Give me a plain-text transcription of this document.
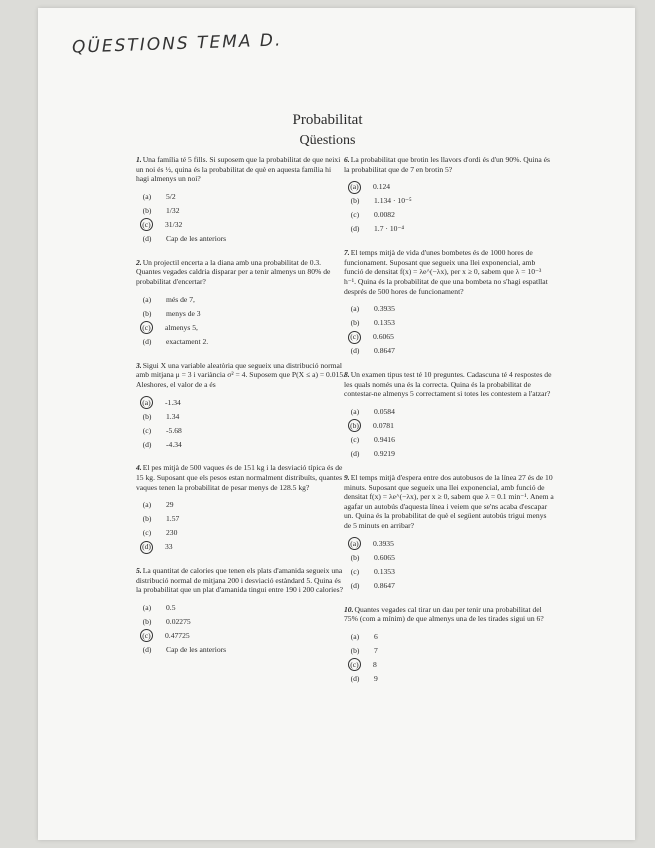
QÜESTIONS TEMA D.
Probabilitat
Qüestions
1.Una família té 5 fills. Si suposem que la probabilitat de que neixi un noi és ½, quina és la probabilitat de què en aquesta família hi hagi almenys un noi?
(a)	5/2
(b)	1/32
(c)	31/32
(d)	Cap de les anteriors
2.Un projectil encerta a la diana amb una probabilitat de 0.3. Quantes vegades caldria disparar per a tenir almenys un 80% de probabilitat d'encertar?
(a)	més de 7,
(b)	menys de 3
(c)	almenys 5,
(d)	exactament 2.
3.Sigui X una variable aleatòria que segueix una distribució normal amb mitjana μ = 3 i variància σ² = 4. Suposem que P(X ≤ a) = 0.015. Aleshores, el valor de a és
(a)	-1.34
(b)	1.34
(c)	-5.68
(d)	-4.34
4.El pes mitjà de 500 vaques és de 151 kg i la desviació típica és de 15 kg. Suposant que els pesos estan normalment distribuïts, quantes vaques tenen la probabilitat de pesar menys de 128.5 kg?
(a)	29
(b)	1.57
(c)	230
(d) 33
5.La quantitat de calories que tenen els plats d'amanida segueix una distribució normal de mitjana 200 i desviació estàndard 5. Quina és la probabilitat que un plat d'amanida tingui entre 190 i 200 calories?
(a)	0.5
(b)	0.02275
(c)	0.47725
(d)	Cap de les anteriors
6.La probabilitat que brotin les llavors d'ordi és d'un 90%. Quina és la probabilitat que de 7 en brotin 5?
(a)	0.124
(b)	1.134 · 10⁻⁵
(c)	0.0082
(d)	1.7 · 10⁻⁴
7.El temps mitjà de vida d'unes bombetes és de 1000 hores de funcionament. Suposant que segueix una llei exponencial, amb funció de densitat f(x) = λe^(−λx), per x ≥ 0, sabem que λ = 10⁻³ h⁻¹. Quina és la probabilitat de que una bombeta no s'hagi espatllat després de 500 hores de funcionament?
(a)	0.3935
(b)	0.1353
(c)	0.6065
(d)	0.8647
8.Un examen tipus test té 10 preguntes. Cadascuna té 4 respostes de les quals només una és la correcta. Quina és la probabilitat de contestar-ne almenys 5 correctament si totes les contestem a l'atzar?
(a)	0.0584
(b) 0.0781
(c)	0.9416
(d)	0.9219
9.El temps mitjà d'espera entre dos autobusos de la línea 27 és de 10 minuts. Suposant que segueix una llei exponencial, amb funció de densitat f(x) = λe^(−λx), per x ≥ 0, sabem que λ = 0.1 min⁻¹. Anem a agafar un autobús d'aquesta línea i veiem que se'ns acaba d'escapar un. Quina és la probabilitat de què el següent autobús trigui menys de 5 minuts en arribar?
(a)	0.3935
(b)	0.6065
(c)	0.1353
(d)	0.8647
10.Quantes vegades cal tirar un dau per tenir una probabilitat del 75% (com a mínim) de que almenys una de les tirades sigui un 6?
(a)	6
(b)	7
(c)	8
(d)	9
